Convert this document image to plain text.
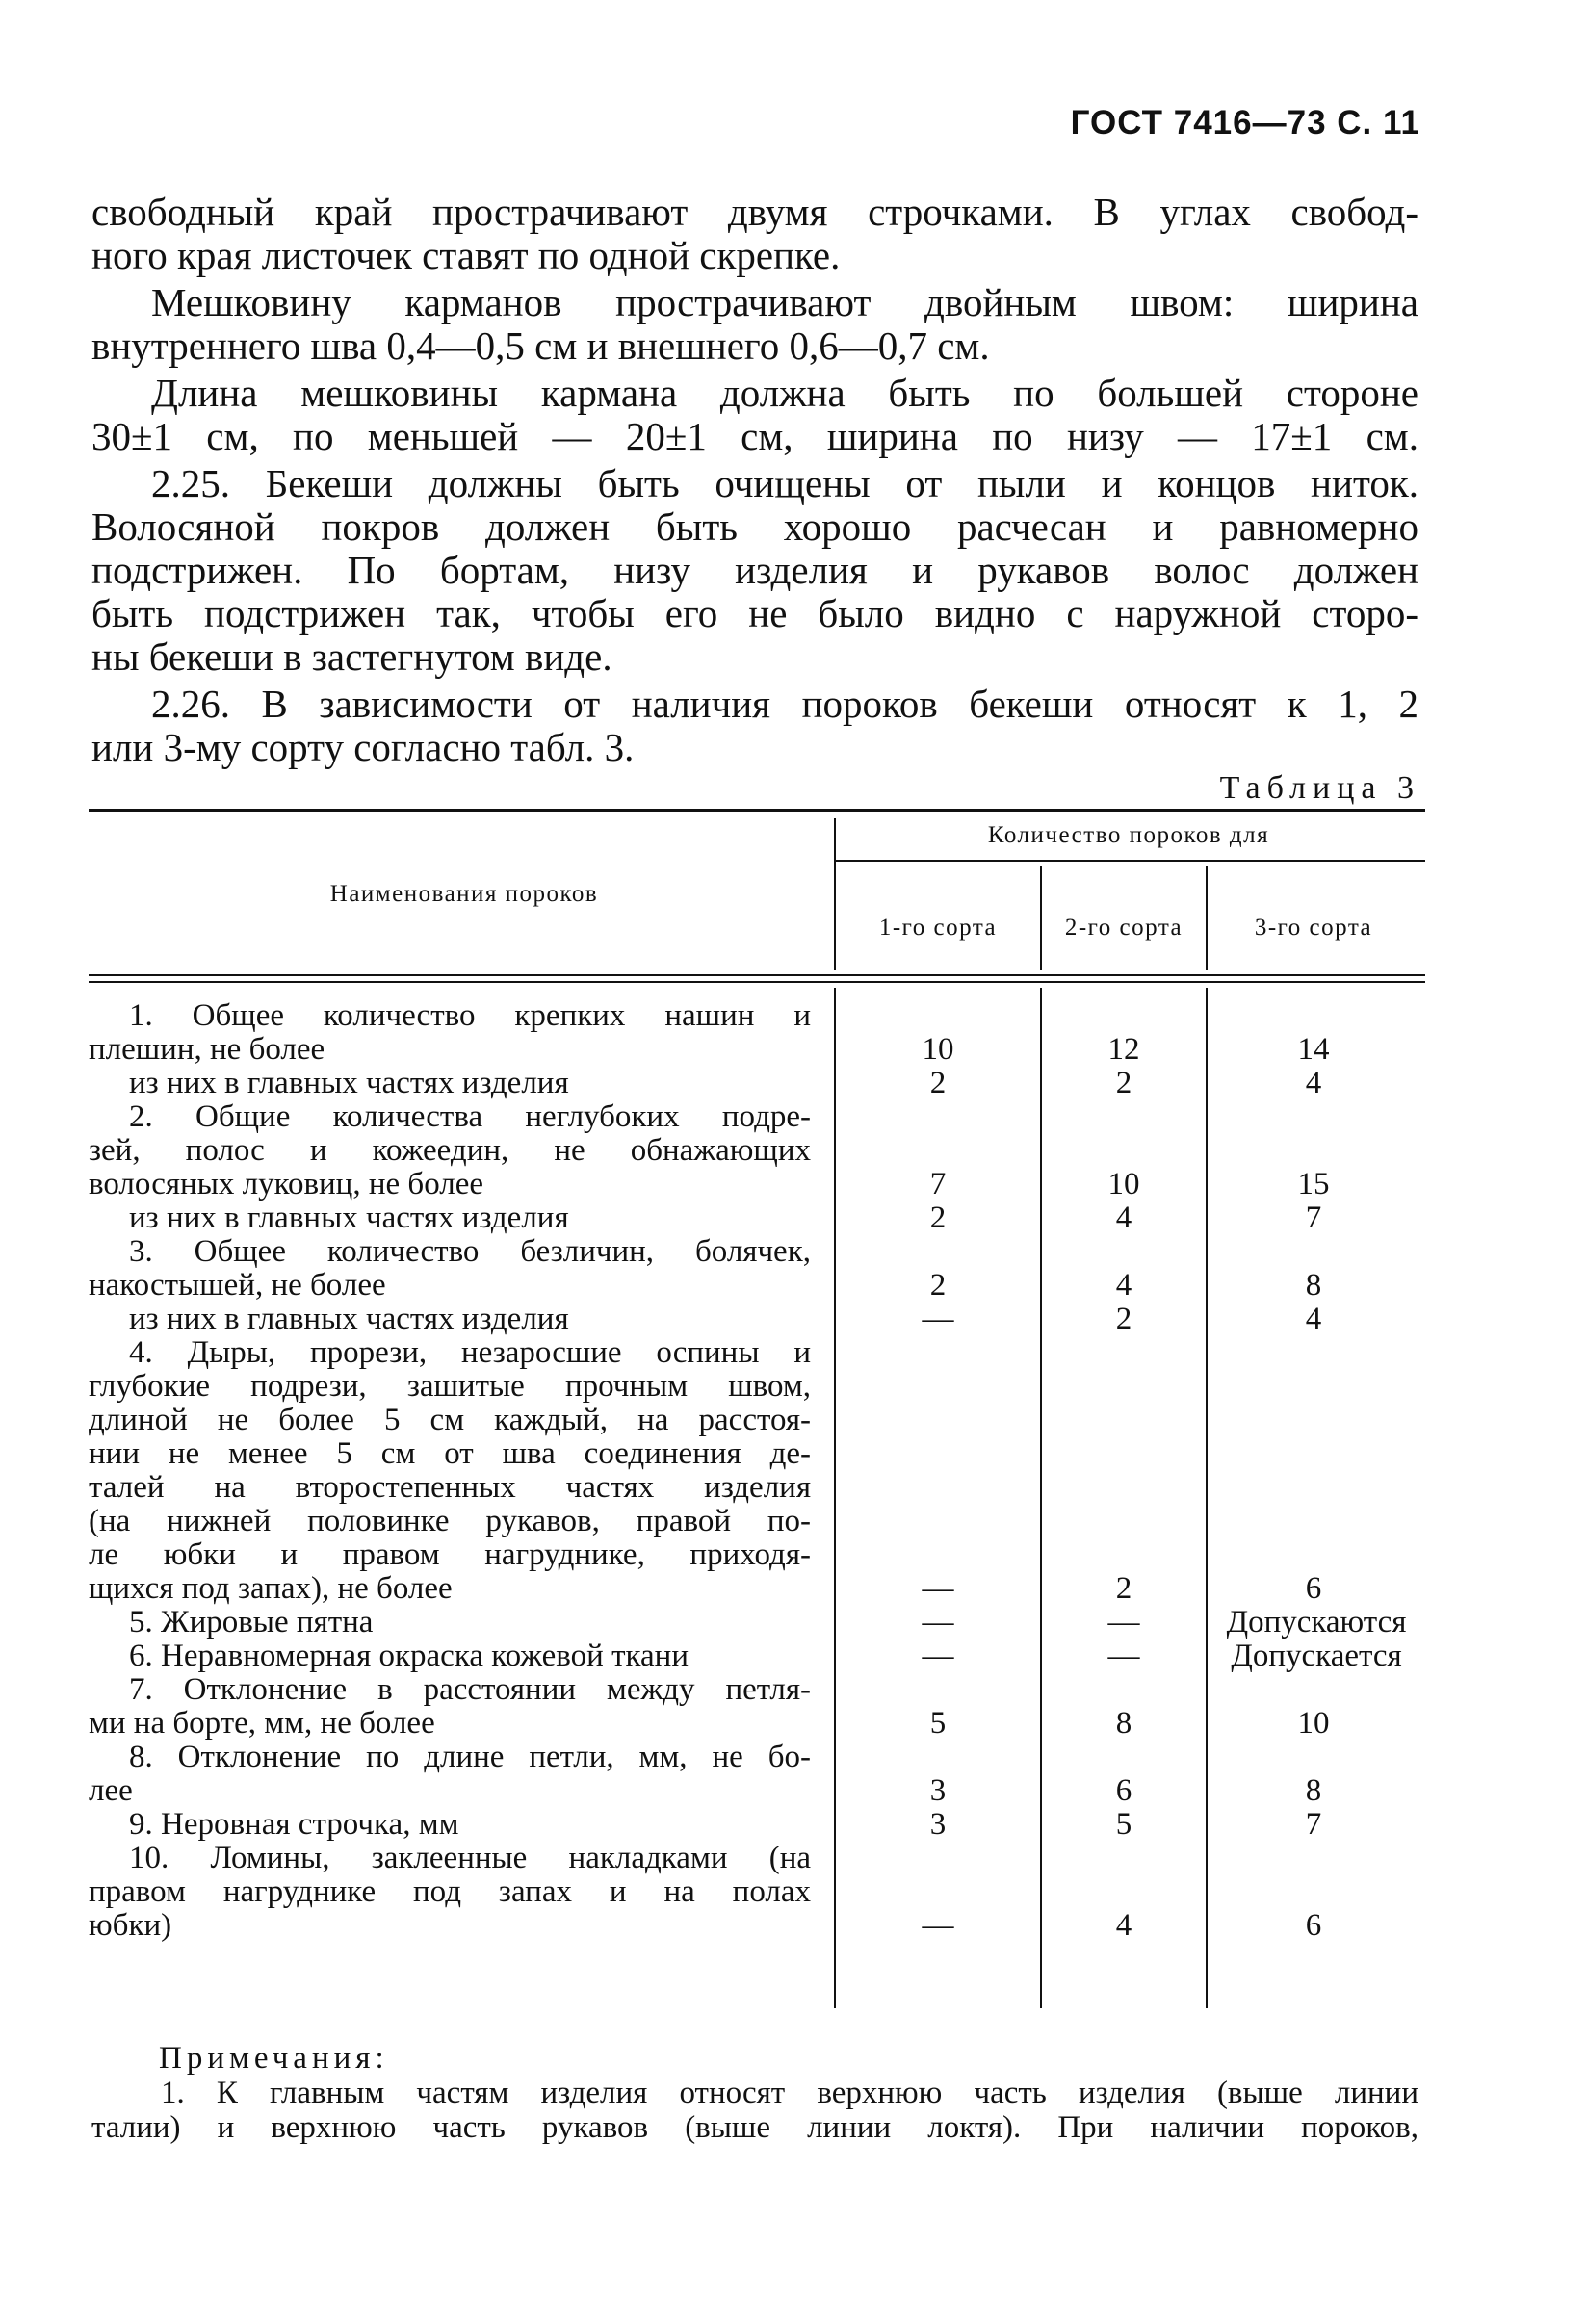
ГОСТ 7416—73 С. 11
свободный край прострачивают двумя строчками. В углах свобод-
ного края листочек ставят по одной скрепке.
Мешковину карманов прострачивают двойным швом: ширина
внутреннего шва 0,4—0,5 см и внешнего 0,6—0,7 см.
Длина мешковины кармана должна быть по большей стороне
30±1 см, по меньшей — 20±1 см, ширина по низу — 17±1 см.
2.25. Бекеши должны быть очищены от пыли и концов ниток.
Волосяной покров должен быть хорошо расчесан и равномерно
подстрижен. По бортам, низу изделия и рукавов волос должен
быть подстрижен так, чтобы его не было видно с наружной сторо-
ны бекеши в застегнутом виде.
2.26. В зависимости от наличия пороков бекеши относят к 1, 2
или 3-му сорту согласно табл. 3.
Таблица 3
Наименования пороков
Количество пороков для
1-го сорта	2-го сорта	3-го сорта
1. Общее количество крепких нашин и
плешин, не более	10	12	14
из них в главных частях изделия	2	2	4
2. Общие количества неглубоких подре-
зей, полос и кожеедин, не обнажающих
волосяных луковиц, не более	7	10	15
из них в главных частях изделия	2	4	7
3. Общее количество безличин, болячек,
накостышей, не более	2	4	8
из них в главных частях изделия	—	2	4
4. Дыры, прорези, незаросшие оспины и
глубокие подрези, зашитые прочным швом,
длиной не более 5 см каждый, на расстоя-
нии не менее 5 см от шва соединения де-
талей на второстепенных частях изделия
(на нижней половинке рукавов, правой по-
ле юбки и правом нагруднике, приходя-
щихся под запах), не более	—	2	6
5. Жировые пятна	—	—	Допускаются
6. Неравномерная окраска кожевой ткани	—	—	Допускается
7. Отклонение в расстоянии между петля-
ми на борте, мм, не более	5	8	10
8. Отклонение по длине петли, мм, не бо-
лее	3	6	8
9. Неровная строчка, мм	3	5	7
10. Ломины, заклеенные накладками (на
правом нагруднике под запах и на полах
юбки)	—	4	6
Примечания:
1. К главным частям изделия относят верхнюю часть изделия (выше линии
талии) и верхнюю часть рукавов (выше линии локтя). При наличии пороков,
